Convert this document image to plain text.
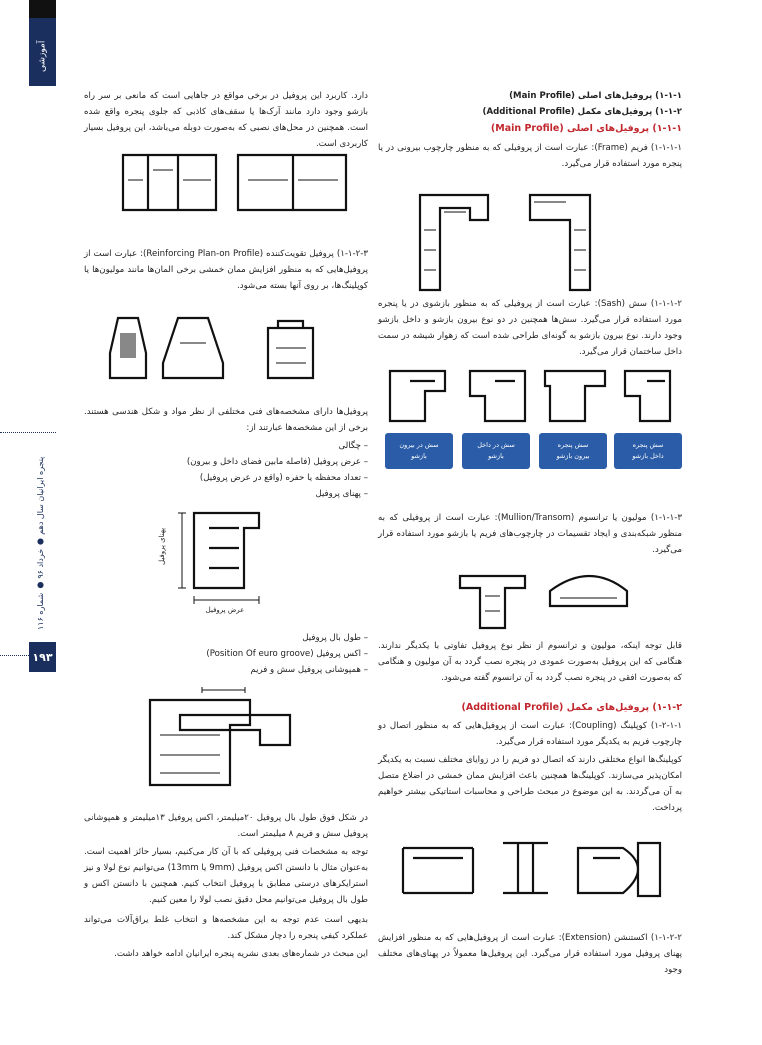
آموزشی
پنجره ایرانیان سال دهم ● خرداد ۹۶ ● شماره ۱۱۶
۱۹۳
۱-۱-۱) پروفیل‌های اصلی (Main Profile)
۱-۱-۲) پروفیل‌های مکمل (Additional Profile)
۱-۱-۱) پروفیل‌های اصلی (Main Profile)
۱-۱-۱-۱) فریم (Frame): عبارت است از پروفیلی که به منظور چارچوب بیرونی در یا پنجره مورد استفاده قرار می‌گیرد.
۱-۱-۱-۲) سش (Sash): عبارت است از پروفیلی که به منظور بازشوی در یا پنجره مورد استفاده قرار می‌گیرد. سش‌ها همچنین در دو نوع بیرون بازشو و داخل بازشو وجود دارند. نوع بیرون بازشو به گونه‌ای طراحی شده است که زهوار شیشه در سمت داخل ساختمان قرار می‌گیرد.
سش در بیرون
بازشو
سش در داخل
بازشو
سش پنجره
بیرون بازشو
سش پنجره
داخل بازشو
۱-۱-۱-۳) مولیون یا ترانسوم (Mullion/Transom): عبارت است از پروفیلی که به منظور شبکه‌بندی و ایجاد تقسیمات در چارچوب‌های فریم یا بازشو مورد استفاده قرار می‌گیرد.
قابل توجه اینکه، مولیون و ترانسوم از نظر نوع پروفیل تفاوتی با یکدیگر ندارند. هنگامی که این پروفیل به‌صورت عمودی در پنجره نصب گردد به آن مولیون و هنگامی که به‌صورت افقی در پنجره نصب گردد به آن ترانسوم گفته می‌شود.
۱-۱-۲) پروفیل‌های مکمل (Additional Profile)
۱-۲-۱-۱) کوپلینگ (Coupling): عبارت است از پروفیل‌هایی که به منظور اتصال دو چارچوب فریم به یکدیگر مورد استفاده قرار می‌گیرد.
کوپلینگ‌ها انواع مختلفی دارند که اتصال دو فریم را در زوایای مختلف نسبت به یکدیگر امکان‌پذیر می‌سازند. کوپلینگ‌ها همچنین باعث افزایش ممان خمشی در اضلاع متصل به آن می‌گردند. به این موضوع در مبحث طراحی و محاسبات استاتیکی بیشتر خواهیم پرداخت.
۱-۱-۲-۲) اکستنشن (Extension): عبارت است از پروفیل‌هایی که به منظور افزایش پهنای پروفیل مورد استفاده قرار می‌گیرد. این پروفیل‌ها معمولاً در پهنای‌های مختلف وجود
دارد. کاربرد این پروفیل در برخی مواقع در جاهایی است که مانعی بر سر راه بازشو وجود دارد مانند آرک‌ها یا سقف‌های کاذبی که جلوی پنجره واقع شده است. همچنین در محل‌های نصبی که به‌صورت دوبله می‌باشد، این پروفیل بسیار کاربردی است.
۱-۱-۲-۳) پروفیل تقویت‌کننده (Reinforcing Plan-on Profile): عبارت است از پروفیل‌هایی که به منظور افزایش ممان خمشی برخی المان‌ها مانند مولیون‌ها یا کوپلینگ‌ها، بر روی آنها بسته می‌شود.
پروفیل‌ها دارای مشخصه‌های فنی مختلفی از نظر مواد و شکل هندسی هستند. برخی از این مشخصه‌ها عبارتند از:
– چگالی
– عرض پروفیل (فاصله مابین فضای داخل و بیرون)
– تعداد محفظه یا حفره (واقع در عرض پروفیل)
– پهنای پروفیل
پهنای پروفیل
عرض پروفیل
– طول بال پروفیل
– اکس پروفیل (Position Of euro groove)
– همپوشانی پروفیل سش و فریم
در شکل فوق طول بال پروفیل ۲۰میلیمتر، اکس پروفیل ۱۳میلیمتر و همپوشانی پروفیل سش و فریم ۸ میلیمتر است.
توجه به مشخصات فنی پروفیلی که با آن کار می‌کنیم، بسیار حائز اهمیت است. به‌عنوان مثال با دانستن اکس پروفیل (9mm یا 13mm) می‌توانیم نوع لولا و نیز استرایکرهای درستی مطابق با پروفیل انتخاب کنیم. همچنین با دانستن اکس و طول بال پروفیل می‌توانیم محل دقیق نصب لولا را معین کنیم.
بدیهی است عدم توجه به این مشخصه‌ها و انتخاب غلط یراق‌آلات می‌تواند عملکرد کیفی پنجره را دچار مشکل کند.
این مبحث در شماره‌های بعدی نشریه پنجره ایرانیان ادامه خواهد داشت.
